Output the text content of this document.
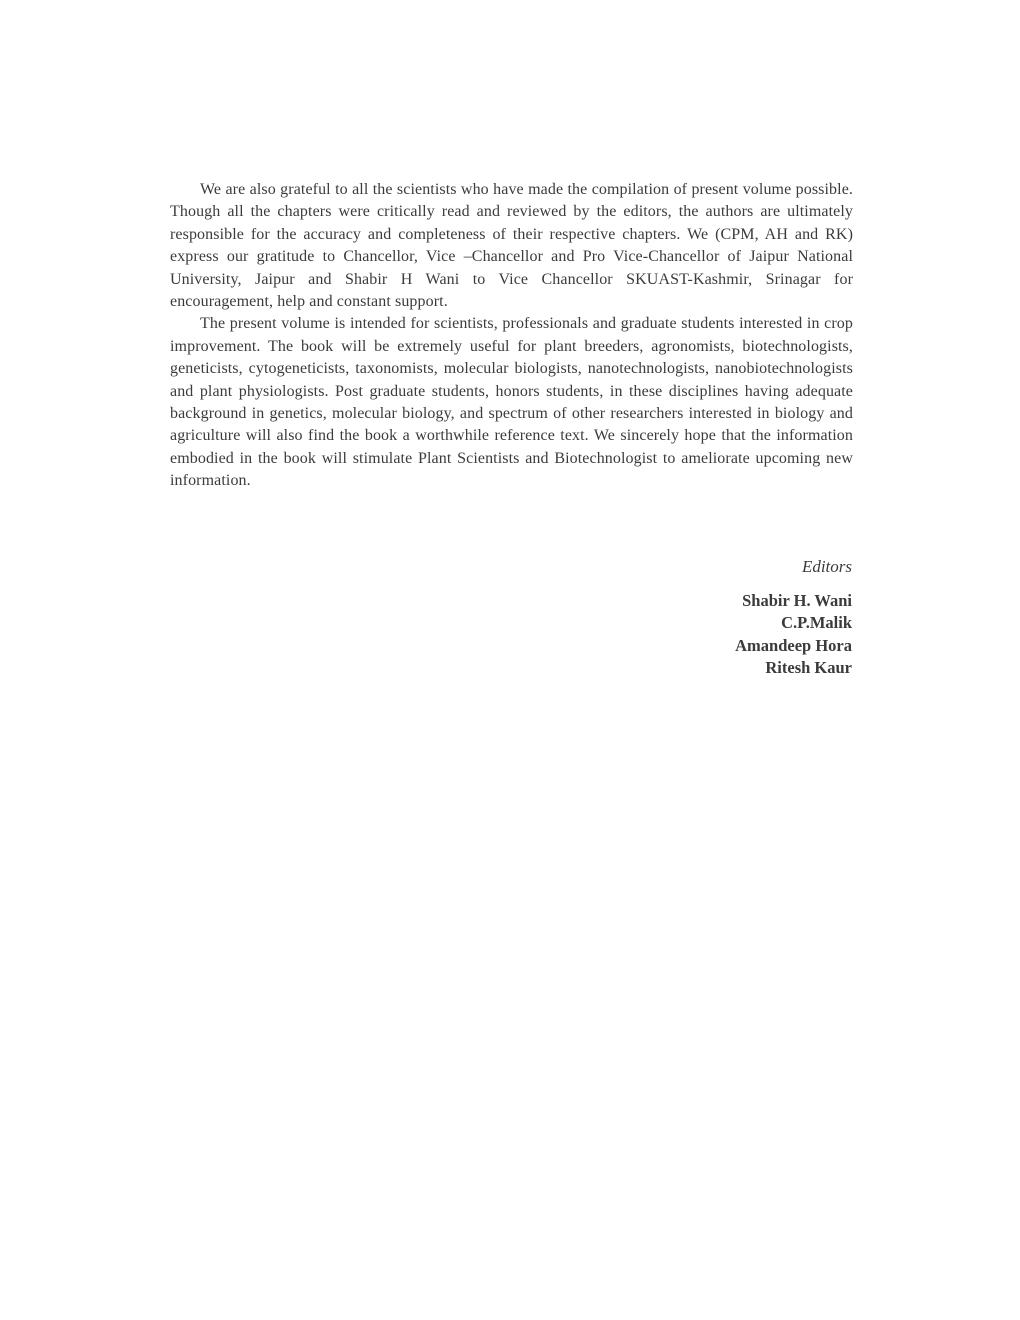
We are also grateful to all the scientists who have made the compilation of present volume possible. Though all the chapters were critically read and reviewed by the editors, the authors are ultimately responsible for the accuracy and completeness of their respective chapters. We (CPM, AH and RK) express our gratitude to Chancellor, Vice –Chancellor and Pro Vice-Chancellor of Jaipur National University, Jaipur and Shabir H Wani to Vice Chancellor SKUAST-Kashmir, Srinagar for encouragement, help and constant support.

The present volume is intended for scientists, professionals and graduate students interested in crop improvement. The book will be extremely useful for plant breeders, agronomists, biotechnologists, geneticists, cytogeneticists, taxonomists, molecular biologists, nanotechnologists, nanobiotechnologists and plant physiologists. Post graduate students, honors students, in these disciplines having adequate background in genetics, molecular biology, and spectrum of other researchers interested in biology and agriculture will also find the book a worthwhile reference text. We sincerely hope that the information embodied in the book will stimulate Plant Scientists and Biotechnologist to ameliorate upcoming new information.

Editors

Shabir H. Wani

C.P.Malik

Amandeep Hora

Ritesh Kaur
